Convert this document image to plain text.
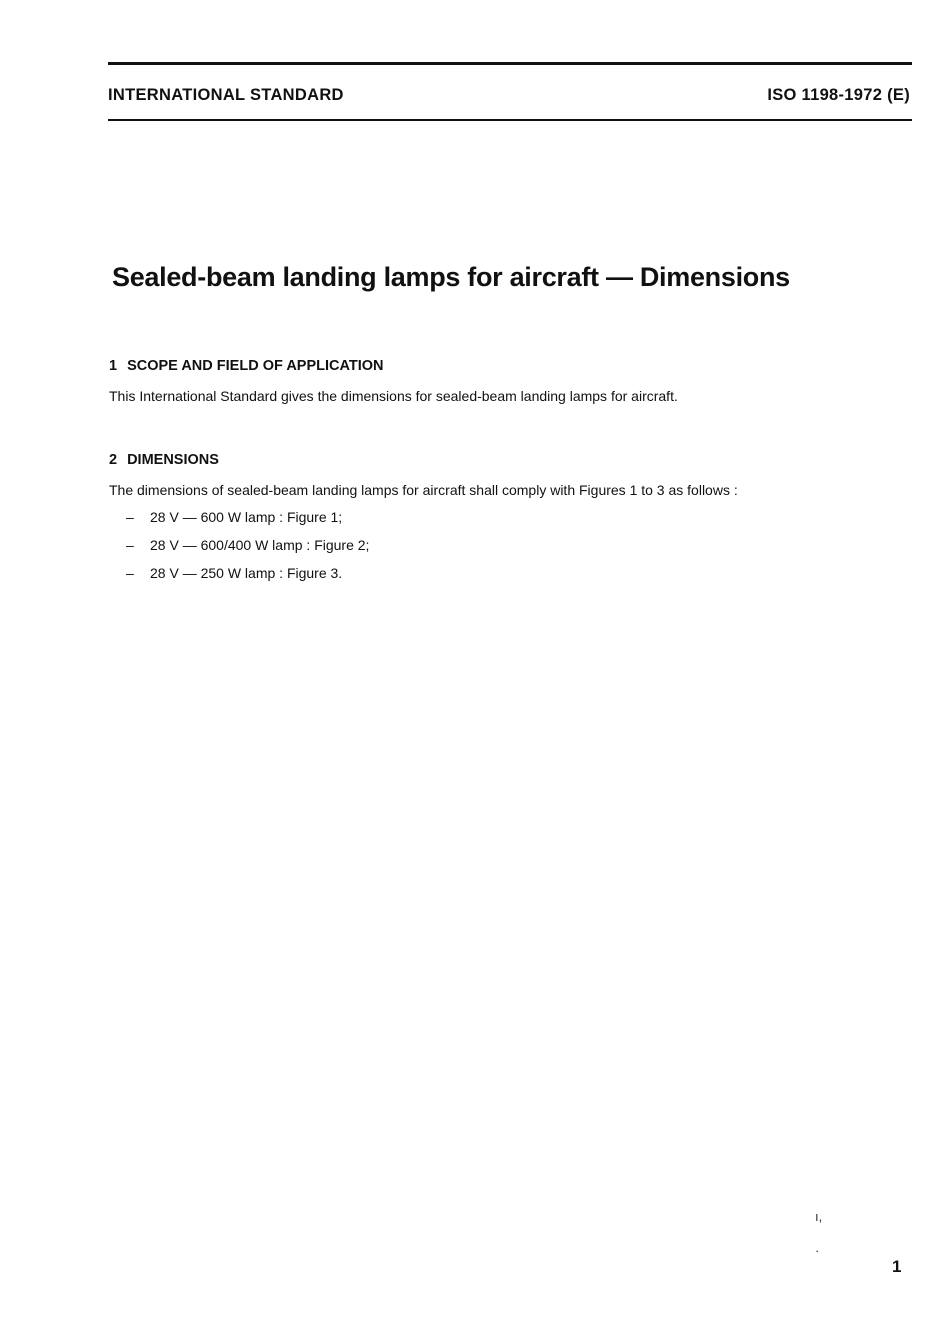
INTERNATIONAL STANDARD	ISO 1198-1972 (E)
Sealed-beam landing lamps for aircraft — Dimensions
1 SCOPE AND FIELD OF APPLICATION

This International Standard gives the dimensions for sealed-beam landing lamps for aircraft.

2 DIMENSIONS

The dimensions of sealed-beam landing lamps for aircraft shall comply with Figures 1 to 3 as follows :

– 28 V — 600 W lamp : Figure 1;
– 28 V — 600/400 W lamp : Figure 2;
– 28 V — 250 W lamp : Figure 3.
ı,
·
1
